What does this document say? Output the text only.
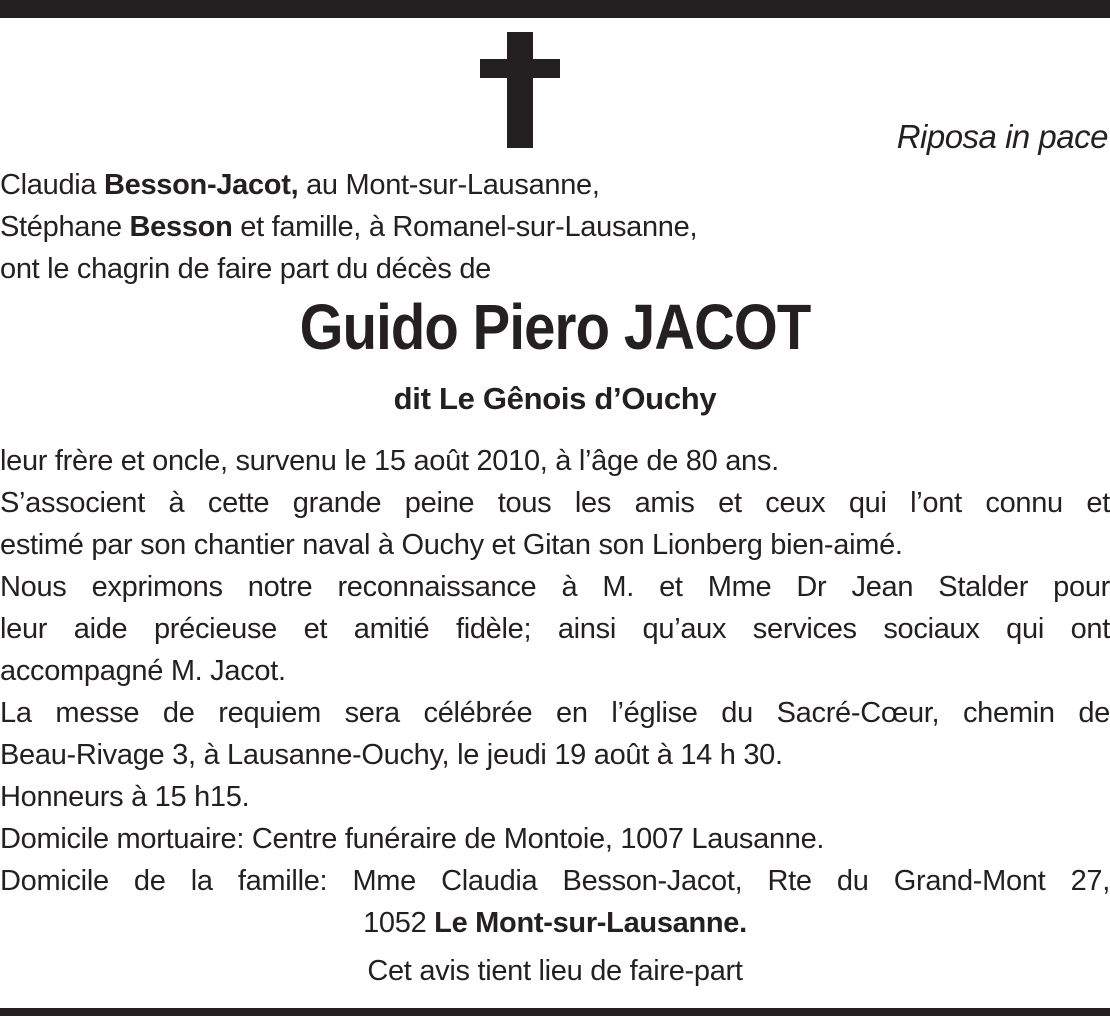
Riposa in pace
Claudia Besson-Jacot, au Mont-sur-Lausanne,
Stéphane Besson et famille, à Romanel-sur-Lausanne,
ont le chagrin de faire part du décès de
Guido Piero JACOT
dit Le Gênois d’Ouchy
leur frère et oncle, survenu le 15 août 2010, à l’âge de 80 ans.
S’associent à cette grande peine tous les amis et ceux qui l’ont connu et
estimé par son chantier naval à Ouchy et Gitan son Lionberg bien-aimé.
Nous exprimons notre reconnaissance à M. et Mme Dr Jean Stalder pour
leur aide précieuse et amitié fidèle; ainsi qu’aux services sociaux qui ont
accompagné M. Jacot.
La messe de requiem sera célébrée en l’église du Sacré-Cœur, chemin de
Beau-Rivage 3, à Lausanne-Ouchy, le jeudi 19 août à 14 h 30.
Honneurs à 15 h15.
Domicile mortuaire: Centre funéraire de Montoie, 1007 Lausanne.
Domicile de la famille: Mme Claudia Besson-Jacot, Rte du Grand-Mont 27,
1052 Le Mont-sur-Lausanne.
Cet avis tient lieu de faire-part
